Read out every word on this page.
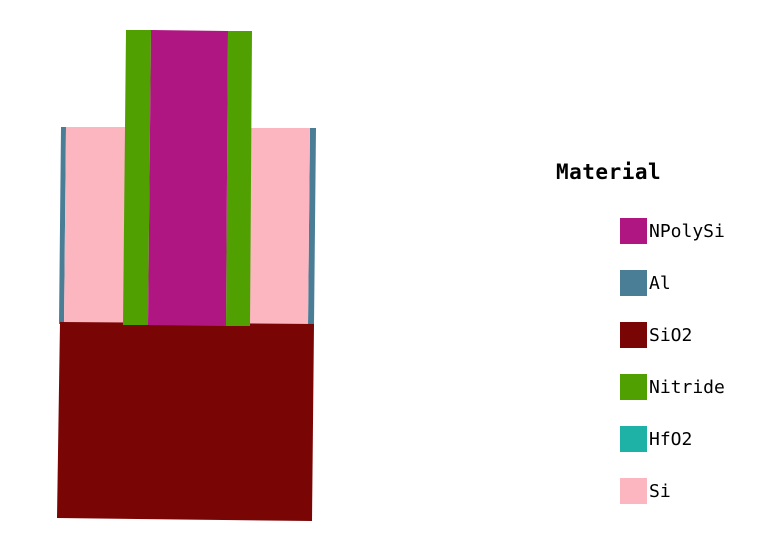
Material
NPolySi
Al
SiO2
Nitride
HfO2
Si
